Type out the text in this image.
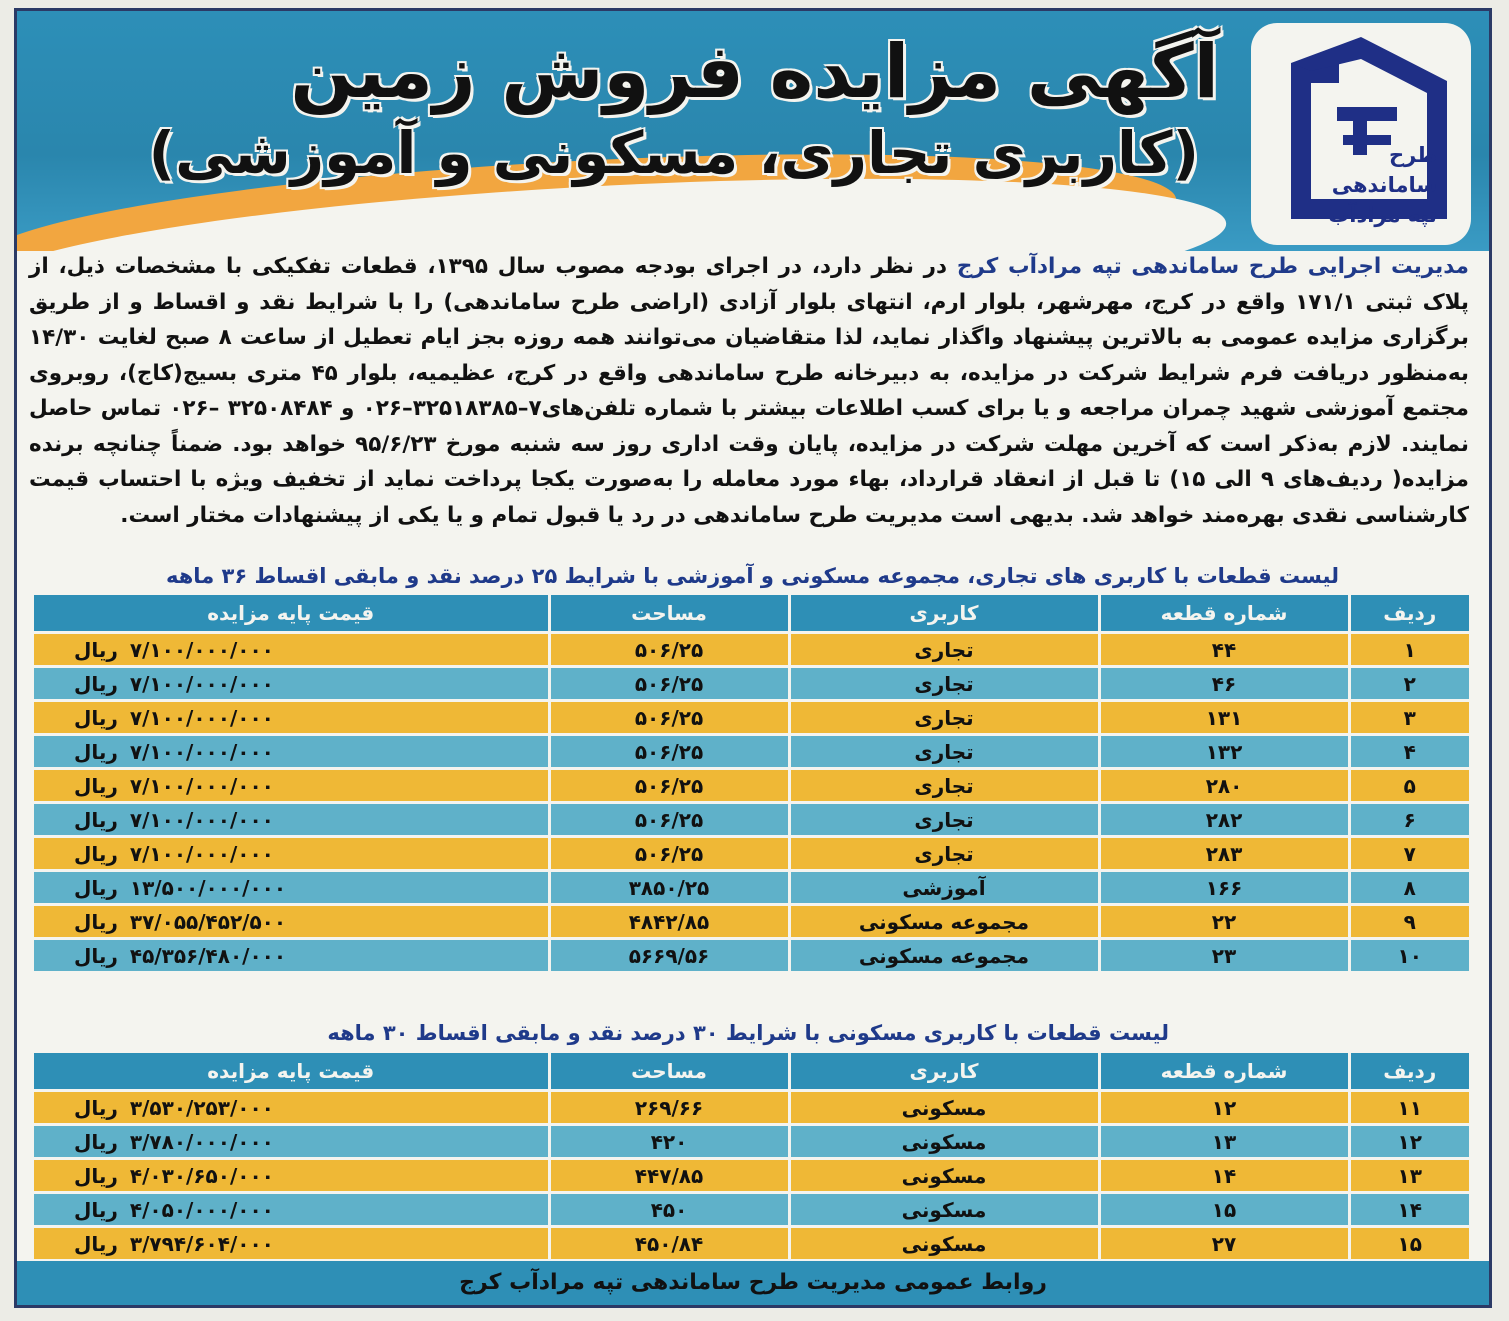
آگهی مزایده فروش زمین
(کاربری تجاری، مسکونی و آموزشی)	طرح
ساماندهی
تپه مرادآب
مدیریت اجرایی طرح ساماندهی تپه مرادآب کرج در نظر دارد، در اجرای بودجه مصوب سال ۱۳۹۵، قطعات تفکیکی با مشخصات ذیل، از پلاک ثبتی ۱۷۱/۱ واقع در کرج، مهرشهر، بلوار ارم، انتهای بلوار آزادی (اراضی طرح ساماندهی) را با شرایط نقد و اقساط و از طریق برگزاری مزایده عمومی به بالاترین پیشنهاد واگذار نماید، لذا متقاضیان می‌توانند همه روزه بجز ایام تعطیل از ساعت ۸ صبح لغایت ۱۴/۳۰ به‌منظور دریافت فرم شرایط شرکت در مزایده، به دبیرخانه طرح ساماندهی واقع در کرج، عظیمیه، بلوار ۴۵ متری بسیج(کاج)، روبروی مجتمع آموزشی شهید چمران مراجعه و یا برای کسب اطلاعات بیشتر با شماره تلفن‌های۷–۳۲۵۱۸۳۸۵–۰۲۶ و ۳۲۵۰۸۴۸۴ –۰۲۶ تماس حاصل نمایند. لازم به‌ذکر است که آخرین مهلت شرکت در مزایده، پایان وقت اداری روز سه شنبه مورخ ۹۵/۶/۲۳ خواهد بود. ضمناً چنانچه برنده مزایده( ردیف‌های ۹ الی ۱۵) تا قبل از انعقاد قرارداد، بهاء مورد معامله را به‌صورت یکجا پرداخت نماید از تخفیف ویژه با احتساب قیمت کارشناسی نقدی بهره‌مند خواهد شد. بدیهی است مدیریت طرح ساماندهی در رد یا قبول تمام و یا یکی از پیشنهادات مختار است.
لیست قطعات با کاربری های تجاری، مجموعه مسکونی و آموزشی با شرایط ۲۵ درصد نقد و مابقی اقساط ۳۶ ماهه
ردیف	شماره قطعه	کاربری	مساحت	قیمت پایه مزایده
۱	۴۴	تجاری	۵۰۶/۲۵	۷/۱۰۰/۰۰۰/۰۰۰ریال
۲	۴۶	تجاری	۵۰۶/۲۵	۷/۱۰۰/۰۰۰/۰۰۰ریال
۳	۱۳۱	تجاری	۵۰۶/۲۵	۷/۱۰۰/۰۰۰/۰۰۰ریال
۴	۱۳۲	تجاری	۵۰۶/۲۵	۷/۱۰۰/۰۰۰/۰۰۰ریال
۵	۲۸۰	تجاری	۵۰۶/۲۵	۷/۱۰۰/۰۰۰/۰۰۰ریال
۶	۲۸۲	تجاری	۵۰۶/۲۵	۷/۱۰۰/۰۰۰/۰۰۰ریال
۷	۲۸۳	تجاری	۵۰۶/۲۵	۷/۱۰۰/۰۰۰/۰۰۰ریال
۸	۱۶۶	آموزشی	۳۸۵۰/۲۵	۱۳/۵۰۰/۰۰۰/۰۰۰ریال
۹	۲۲	مجموعه مسکونی	۴۸۴۲/۸۵	۳۷/۰۵۵/۴۵۲/۵۰۰ریال
۱۰	۲۳	مجموعه مسکونی	۵۶۶۹/۵۶	۴۵/۳۵۶/۴۸۰/۰۰۰ریال
لیست قطعات با کاربری مسکونی با شرایط ۳۰ درصد نقد و مابقی اقساط ۳۰ ماهه
ردیف	شماره قطعه	کاربری	مساحت	قیمت پایه مزایده
۱۱	۱۲	مسکونی	۲۶۹/۶۶	۳/۵۳۰/۲۵۳/۰۰۰ریال
۱۲	۱۳	مسکونی	۴۲۰	۳/۷۸۰/۰۰۰/۰۰۰ریال
۱۳	۱۴	مسکونی	۴۴۷/۸۵	۴/۰۳۰/۶۵۰/۰۰۰ریال
۱۴	۱۵	مسکونی	۴۵۰	۴/۰۵۰/۰۰۰/۰۰۰ریال
۱۵	۲۷	مسکونی	۴۵۰/۸۴	۳/۷۹۴/۶۰۴/۰۰۰ریال
روابط عمومی مدیریت طرح ساماندهی تپه مرادآب کرج
